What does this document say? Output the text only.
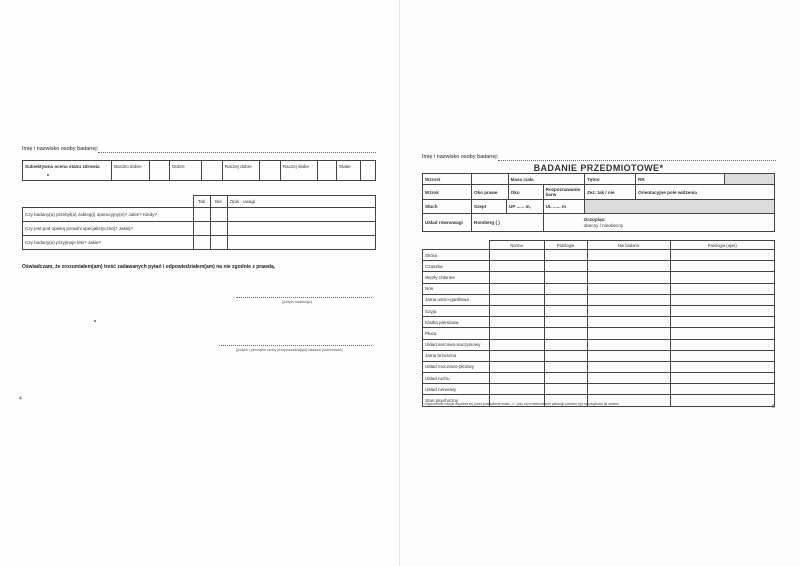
Imię i nazwisko osoby badanej:
Subiektywna ocena stanu zdrowia	Bardzo dobre		Dobre		Raczej dobre		Raczej słabe		Słabe	
	Tak	Nie	Opis - uwagi
Czy badany(a) przebył(a) zabieg(i) operacyjny(e)? Jakie? Kiedy?			
Czy jest pod opieką poradni specjalistycznej? Jakiej?			
Czy badany(a) przyjmuje leki? Jakie?			
Oświadczam, że zrozumiałem(am) treść zadawanych pytań i odpowiedziałem(am) na nie zgodnie z prawdą.
(podpis badanego)
(podpis i pieczątka osoby przeprowadzającej badanie podmiotowe)
4
Imię i nazwisko osoby badanej:
BADANIE PRZEDMIOTOWE*							
Wzrost			Masa ciała		Tętno	RR	
Wzrok	Oko prawe		Oko	Rozpoznawanie barw	Zez: tak / nie	Orientacyjne pole widzenia	
Słuch	Szept	UP ...... m,		UL ...... m			
Układ równowagi	Romberg ( )			Oczopląs:
obecny / nieobecny			
	Norma	Patologia	Nie badano	Patologia (opis)
Skóra				
Czaszka				
Węzły chłonne				
Nos				
Jama ustno-gardłowa				
Szyja				
Klatka piersiowa				
Płuca				
Układ sercowo-naczyniowy				
Jama brzuszna				
Układ moczowo-płciowy				
Układ ruchu				
Układ nerwowy				
Stan psychiczny				
* Odpowiednie rubryki wypełnia się przez postawienie znaku „x”, przy czym stwierdzenie patologii powinno być szczegółowo jej opisem.	5
